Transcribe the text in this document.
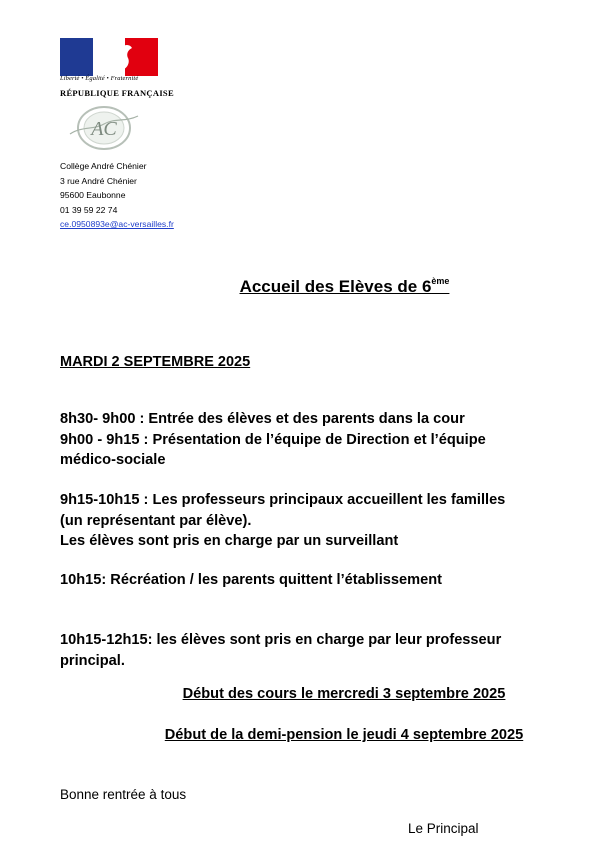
Liberté • Égalité • Fraternité
RÉPUBLIQUE FRANÇAISE
AC
Collège André Chénier
3 rue André Chénier
95600 Eaubonne
01 39 59 22 74
ce.0950893e@ac-versailles.fr
Accueil des Elèves de 6ème
MARDI 2 SEPTEMBRE 2025
8h30- 9h00 : Entrée des élèves et des parents dans la cour
9h00 - 9h15 : Présentation de l’équipe de Direction et l’équipe
médico-sociale
9h15-10h15 : Les professeurs principaux accueillent les familles
(un représentant par élève).
Les élèves sont pris en charge par un surveillant
10h15: Récréation / les parents quittent l’établissement
10h15-12h15: les élèves sont pris en charge par leur professeur
principal.
Début des cours le mercredi 3 septembre 2025
Début de la demi-pension le jeudi 4 septembre 2025
Bonne rentrée à tous
Le Principal
